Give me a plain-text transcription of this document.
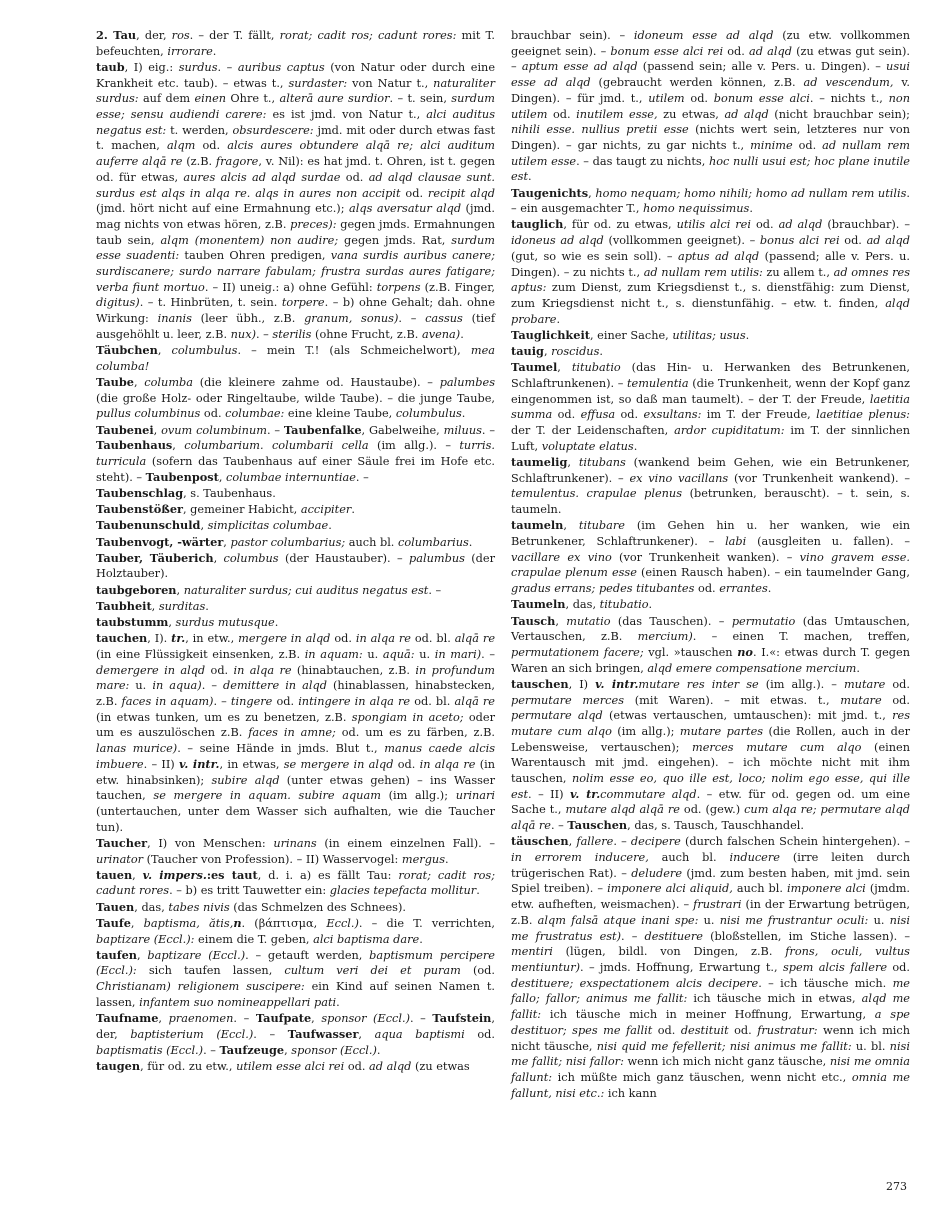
2. Tau, der, ros. – der T. fällt, rorat; cadit ros; cadunt rores: mit T. befeuchten, irrorare.
taub, I) eig.: surdus. – auribus captus (von Natur oder durch eine Krankheit etc. taub). – etwas t., surdaster: von Natur t., naturaliter surdus: auf dem einen Ohre t., alterā aure surdior. – t. sein, surdum esse; sensu audiendi carere: es ist jmd. von Natur t., alci auditus negatus est: t. werden, obsurdescere: jmd. mit oder durch etwas fast t. machen, alqm od. alcis aures obtundere alqā re; alci auditum auferre alqā re (z.B. fragore, v. Nil): es hat jmd. t. Ohren, ist t. gegen od. für etwas, aures alcis ad alqd surdae od. ad alqd clausae sunt. surdus est alqs in alqa re. alqs in aures non accipit od. recipit alqd (jmd. hört nicht auf eine Ermahnung etc.); alqs aversatur alqd (jmd. mag nichts von etwas hören, z.B. preces): gegen jmds. Ermahnungen taub sein, alqm (monentem) non audire; gegen jmds. Rat, surdum esse suadenti: tauben Ohren predigen, vana surdis auribus canere; surdiscanere; surdo narrare fabulam; frustra surdas aures fatigare; verba fiunt mortuo. – II) uneig.: a) ohne Gefühl: torpens (z.B. Finger, digitus). – t. Hinbrüten, t. sein. torpere. – b) ohne Gehalt; dah. ohne Wirkung: inanis (leer übh., z.B. granum, sonus). – cassus (tief ausgehöhlt u. leer, z.B. nux). – sterilis (ohne Frucht, z.B. avena).
Täubchen, columbulus. – mein T.! (als Schmeichelwort), mea columba!
Taube, columba (die kleinere zahme od. Haustaube). – palumbes (die große Holz- oder Ringeltaube, wilde Taube). – die junge Taube, pullus columbinus od. columbae: eine kleine Taube, columbulus.
Taubenei, ovum columbinum. – Taubenfalke, Gabelweihe, miluus. – Taubenhaus, columbarium. columbarii cella (im allg.). – turris. turricula (sofern das Taubenhaus auf einer Säule frei im Hofe etc. steht). – Taubenpost, columbae internuntiae. –
Taubenschlag, s. Taubenhaus.
Taubenstößer, gemeiner Habicht, accipiter.
Taubenunschuld, simplicitas columbae.
Taubenvogt, -wärter, pastor columbarius; auch bl. columbarius.
Tauber, Täuberich, columbus (der Haustauber). – palumbus (der Holztauber).
taubgeboren, naturaliter surdus; cui auditus negatus est. –
Taubheit, surditas.
taubstumm, surdus mutusque.
tauchen, I). tr., in etw., mergere in alqd od. in alqa re od. bl. alqā re (in eine Flüssigkeit einsenken, z.B. in aquam: u. aquā: u. in mari). – demergere in alqd od. in alqa re (hinabtauchen, z.B. in profundum mare: u. in aqua). – demittere in alqd (hinablassen, hinabstecken, z.B. faces in aquam). – tingere od. intingere in alqa re od. bl. alqā re (in etwas tunken, um es zu benetzen, z.B. spongiam in aceto; oder um es auszulöschen z.B. faces in amne; od. um es zu färben, z.B. lanas murice). – seine Hände in jmds. Blut t., manus caede alcis imbuere. – II) v. intr., in etwas, se mergere in alqd od. in alqa re (in etw. hinabsinken); subire alqd (unter etwas gehen) – ins Wasser tauchen, se mergere in aquam. subire aquam (im allg.); urinari (untertauchen, unter dem Wasser sich aufhalten, wie die Taucher tun).
Taucher, I) von Menschen: urinans (in einem einzelnen Fall). – urinator (Taucher von Profession). – II) Wasservogel: mergus.
tauen, v. impers.:es taut, d. i. a) es fällt Tau: rorat; cadit ros; cadunt rores. – b) es tritt Tauwetter ein: glacies tepefacta mollitur.
Tauen, das, tabes nivis (das Schmelzen des Schnees).
Taufe, baptisma, ătis,n. (βάπτισμα, Eccl.). – die T. verrichten, baptizare (Eccl.): einem die T. geben, alci baptisma dare.
taufen, baptizare (Eccl.). – getauft werden, baptismum percipere (Eccl.): sich taufen lassen, cultum veri dei et puram (od. Christianam) religionem suscipere: ein Kind auf seinen Namen t. lassen, infantem suo nomineappellari pati.
Taufname, praenomen. – Taufpate, sponsor (Eccl.). – Taufstein, der, baptisterium (Eccl.). – Taufwasser, aqua baptismi od. baptismatis (Eccl.). – Taufzeuge, sponsor (Eccl.).
taugen, für od. zu etw., utilem esse alci rei od. ad alqd (zu etwas
brauchbar sein). – idoneum esse ad alqd (zu etw. vollkommen geeignet sein). – bonum esse alci rei od. ad alqd (zu etwas gut sein). – aptum esse ad alqd (passend sein; alle v. Pers. u. Dingen). – usui esse ad alqd (gebraucht werden können, z.B. ad vescendum, v. Dingen). – für jmd. t., utilem od. bonum esse alci. – nichts t., non utilem od. inutilem esse, zu etwas, ad alqd (nicht brauchbar sein); nihili esse. nullius pretii esse (nichts wert sein, letzteres nur von Dingen). – gar nichts, zu gar nichts t., minime od. ad nullam rem utilem esse. – das taugt zu nichts, hoc nulli usui est; hoc plane inutile est.
Taugenichts, homo nequam; homo nihili; homo ad nullam rem utilis. – ein ausgemachter T., homo nequissimus.
tauglich, für od. zu etwas, utilis alci rei od. ad alqd (brauchbar). – idoneus ad alqd (vollkommen geeignet). – bonus alci rei od. ad alqd (gut, so wie es sein soll). – aptus ad alqd (passend; alle v. Pers. u. Dingen). – zu nichts t., ad nullam rem utilis: zu allem t., ad omnes res aptus: zum Dienst, zum Kriegsdienst t., s. dienstfähig: zum Dienst, zum Kriegsdienst nicht t., s. dienstunfähig. – etw. t. finden, alqd probare.
Tauglichkeit, einer Sache, utilitas; usus.
tauig, roscidus.
Taumel, titubatio (das Hin- u. Herwanken des Betrunkenen, Schlaftrunkenen). – temulentia (die Trunkenheit, wenn der Kopf ganz eingenommen ist, so daß man taumelt). – der T. der Freude, laetitia summa od. effusa od. exsultans: im T. der Freude, laetitiae plenus: der T. der Leidenschaften, ardor cupiditatum: im T. der sinnlichen Luft, voluptate elatus.
taumelig, titubans (wankend beim Gehen, wie ein Betrunkener, Schlaftrunkener). – ex vino vacillans (vor Trunkenheit wankend). – temulentus. crapulae plenus (betrunken, berauscht). – t. sein, s. taumeln.
taumeln, titubare (im Gehen hin u. her wanken, wie ein Betrunkener, Schlaftrunkener). – labi (ausgleiten u. fallen). – vacillare ex vino (vor Trunkenheit wanken). – vino gravem esse. crapulae plenum esse (einen Rausch haben). – ein taumelnder Gang, gradus errans; pedes titubantes od. errantes.
Taumeln, das, titubatio.
Tausch, mutatio (das Tauschen). – permutatio (das Umtauschen, Vertauschen, z.B. mercium). – einen T. machen, treffen, permutationem facere; vgl. »tauschen no. I.«: etwas durch T. gegen Waren an sich bringen, alqd emere compensatione mercium.
tauschen, I) v. intr.mutare res inter se (im allg.). – mutare od. permutare merces (mit Waren). – mit etwas. t., mutare od. permutare alqd (etwas vertauschen, umtauschen): mit jmd. t., res mutare cum alqo (im allg.); mutare partes (die Rollen, auch in der Lebensweise, vertauschen); merces mutare cum alqo (einen Warentausch mit jmd. eingehen). – ich möchte nicht mit ihm tauschen, nolim esse eo, quo ille est, loco; nolim ego esse, qui ille est. – II) v. tr.commutare alqd. – etw. für od. gegen od. um eine Sache t., mutare alqd alqā re od. (gew.) cum alqa re; permutare alqd alqā re. – Tauschen, das, s. Tausch, Tauschhandel.
täuschen, fallere. – decipere (durch falschen Schein hintergehen). – in errorem inducere, auch bl. inducere (irre leiten durch trügerischen Rat). – deludere (jmd. zum besten haben, mit jmd. sein Spiel treiben). – imponere alci aliquid, auch bl. imponere alci (jmdm. etw. aufheften, weismachen). – frustrari (in der Erwartung betrügen, z.B. alqm falsā atque inani spe: u. nisi me frustrantur oculi: u. nisi me frustratus est). – destituere (bloßstellen, im Stiche lassen). – mentiri (lügen, bildl. von Dingen, z.B. frons, oculi, vultus mentiuntur). – jmds. Hoffnung, Erwartung t., spem alcis fallere od. destituere; exspectationem alcis decipere. – ich täusche mich. me fallo; fallor; animus me fallit: ich täusche mich in etwas, alqd me fallit: ich täusche mich in meiner Hoffnung, Erwartung, a spe destituor; spes me fallit od. destituit od. frustratur: wenn ich mich nicht täusche, nisi quid me fefellerit; nisi animus me fallit: u. bl. nisi me fallit; nisi fallor: wenn ich mich nicht ganz täusche, nisi me omnia fallunt: ich müßte mich ganz täuschen, wenn nicht etc., omnia me fallunt, nisi etc.: ich kann
273
